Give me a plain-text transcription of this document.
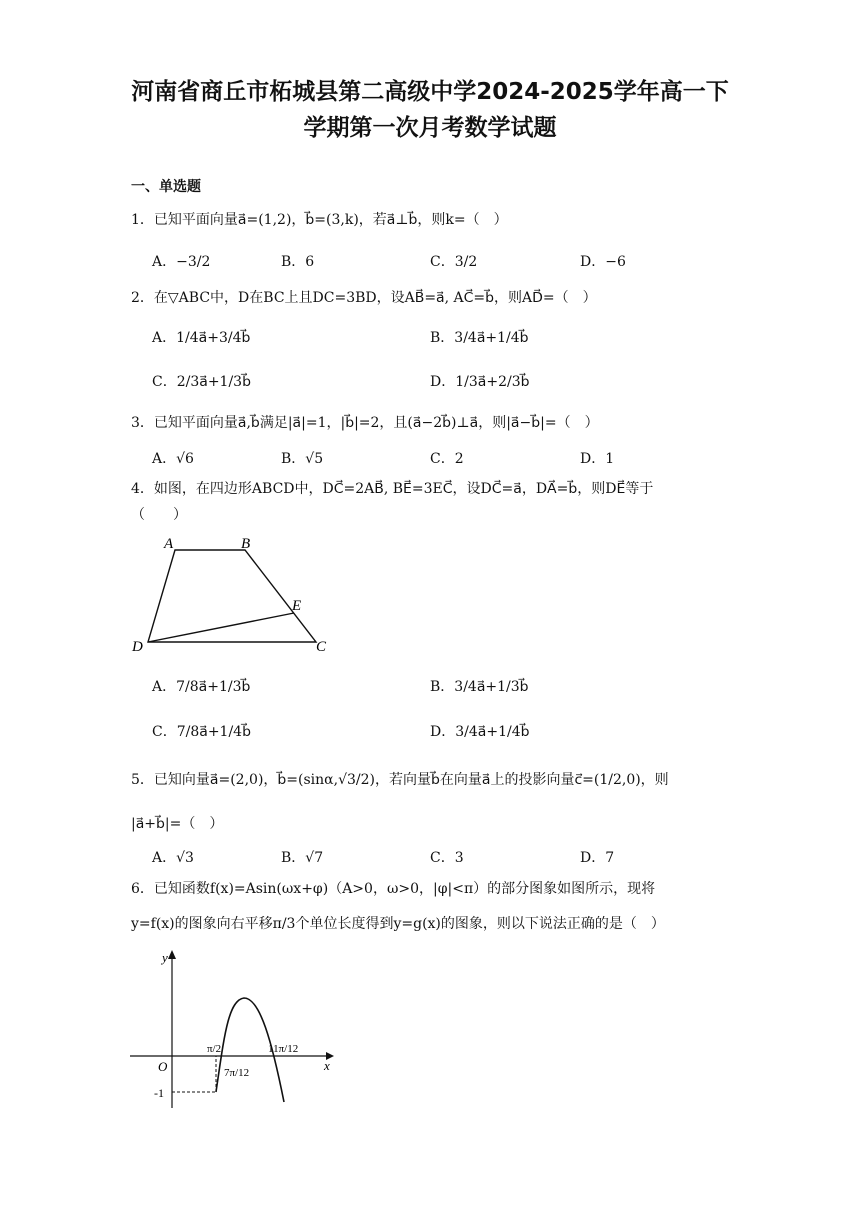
河南省商丘市柘城县第二高级中学2024-2025学年高一下
学期第一次月考数学试题
一、单选题
1．已知平面向量a⃗=(1,2)，b⃗=(3,k)，若a⃗⊥b⃗，则k=（　）
A．−3/2	B．6	C．3/2	D．−6
2．在▽ABC中，D在BC上且DC=3BD，设AB⃗=a⃗, AC⃗=b⃗，则AD⃗=（　）
A．1/4a⃗+3/4b⃗	B．3/4a⃗+1/4b⃗
C．2/3a⃗+1/3b⃗	D．1/3a⃗+2/3b⃗
3．已知平面向量a⃗,b⃗满足|a⃗|=1，|b⃗|=2，且(a⃗−2b⃗)⊥a⃗，则|a⃗−b⃗|=（　）
A．√6	B．√5	C．2	D．1
4．如图，在四边形ABCD中，DC⃗=2AB⃗, BE⃗=3EC⃗，设DC⃗=a⃗，DA⃗=b⃗，则DE⃗等于
（　　）
A	B
E
D	C
A．7/8a⃗+1/3b⃗	B．3/4a⃗+1/3b⃗
C．7/8a⃗+1/4b⃗	D．3/4a⃗+1/4b⃗
5．已知向量a⃗=(2,0)，b⃗=(sinα,√3/2)，若向量b⃗在向量a⃗上的投影向量c⃗=(1/2,0)，则
|a⃗+b⃗|=（　）
A．√3	B．√7	C．3	D．7
6．已知函数f(x)=Asin(ωx+φ)（A>0，ω>0，|φ|<π）的部分图象如图所示，现将
y=f(x)的图象向右平移π/3个单位长度得到y=g(x)的图象，则以下说法正确的是（　）
y
x
O
-1
π/2
7π/12
11π/12
